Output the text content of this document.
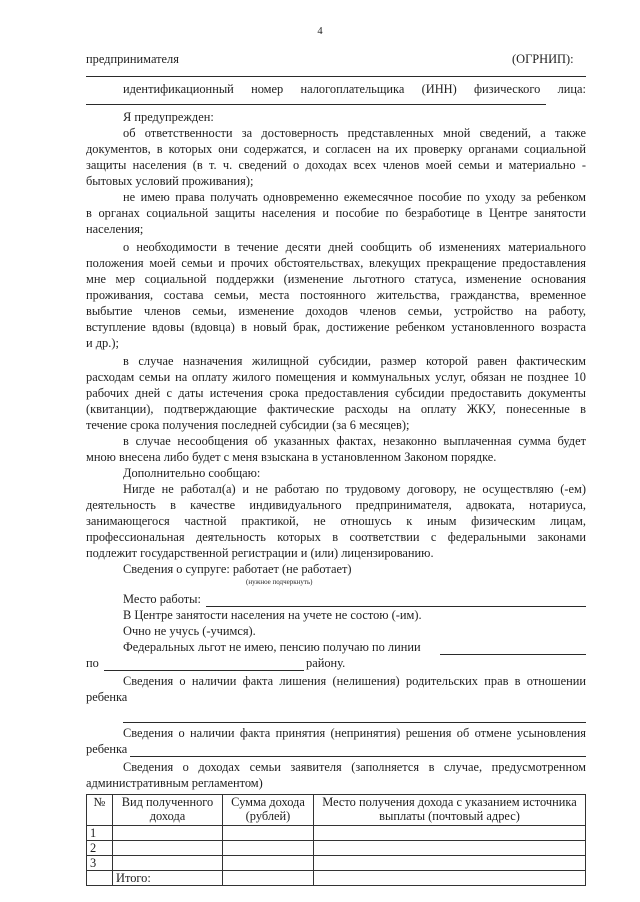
4
предпринимателя	(ОГРНИП):
идентификационный номер налогоплательщика (ИНН) физического лица:
Я предупрежден:
об ответственности за достоверность представленных мной сведений, а также
документов, в которых они содержатся, и согласен на их проверку органами социальной
защиты населения (в т. ч. сведений о доходах всех членов моей семьи и материально -
бытовых условий проживания);
не имею права получать одновременно ежемесячное пособие по уходу за ребенком
в органах социальной защиты населения и пособие по безработице в Центре занятости
населения;
о необходимости в течение десяти дней сообщить об изменениях материального
положения моей семьи и прочих обстоятельствах, влекущих прекращение предоставления
мне мер социальной поддержки (изменение льготного статуса, изменение основания
проживания, состава семьи, места постоянного жительства, гражданства, временное
выбытие членов семьи, изменение доходов членов семьи, устройство на работу,
вступление вдовы (вдовца) в новый брак, достижение ребенком установленного возраста
и др.);
в случае назначения жилищной субсидии, размер которой равен фактическим
расходам семьи на оплату жилого помещения и коммунальных услуг, обязан не позднее 10
рабочих дней с даты истечения срока предоставления субсидии предоставить документы
(квитанции), подтверждающие фактические расходы на оплату ЖКУ, понесенные в
течение срока получения последней субсидии (за 6 месяцев);
в случае несообщения об указанных фактах, незаконно выплаченная сумма будет
мною внесена либо будет с меня взыскана в установленном Законом порядке.
Дополнительно сообщаю:
Нигде не работал(а) и не работаю по трудовому договору, не осуществляю (-ем)
деятельность в качестве индивидуального предпринимателя, адвоката, нотариуса,
занимающегося частной практикой, не отношусь к иным физическим лицам,
профессиональная деятельность которых в соответствии с федеральными законами
подлежит государственной регистрации и (или) лицензированию.
Сведения о супруге: работает (не работает)
(нужное подчеркнуть)
Место работы:
В Центре занятости населения на учете не состою (-им).
Очно не учусь (-учимся).
Федеральных льгот не имею, пенсию получаю по линии
по	району.
Сведения о наличии факта лишения (нелишения) родительских прав в отношении
ребенка
Сведения о наличии факта принятия (непринятия) решения об отмене усыновления
ребенка
Сведения о доходах семьи заявителя (заполняется в случае, предусмотренном
административным регламентом)
№	Вид полученного дохода	Сумма дохода (рублей)	Место получения дохода с указанием источника выплаты (почтовый адрес)
1			
2			
3			
	Итого:		
